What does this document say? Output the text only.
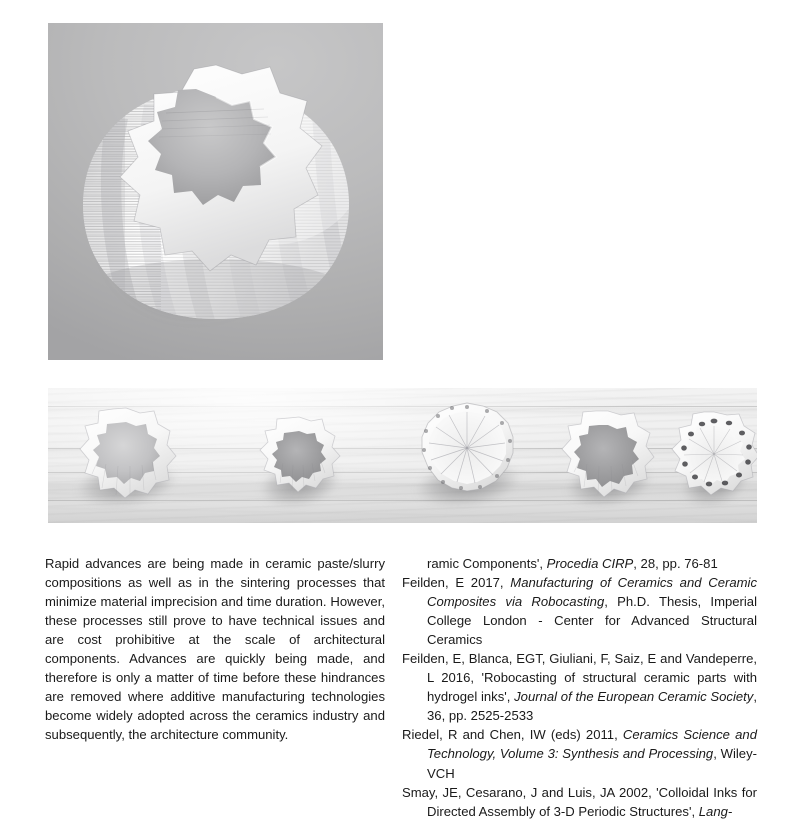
Rapid advances are being made in ceramic paste/slurry compositions as well as in the sintering processes that minimize material imprecision and time duration. However, these processes still prove to have technical issues and are cost prohibitive at the scale of architectural components. Advances are quickly being made, and therefore is only a matter of time before these hindrances are removed where additive manufacturing technologies become widely adopted across the ceramics industry and subsequently, the architecture community.

ramic Components', Procedia CIRP, 28, pp. 76-81

Feilden, E 2017, Manufacturing of Ceramics and Ceramic Composites via Robocasting, Ph.D. Thesis, Imperial College London - Center for Advanced Structural Ceramics

Feilden, E, Blanca, EGT, Giuliani, F, Saiz, E and Vandeperre, L 2016, 'Robocasting of structural ceramic parts with hydrogel inks', Journal of the European Ceramic Society, 36, pp. 2525-2533

Riedel, R and Chen, IW (eds) 2011, Ceramics Science and Technology, Volume 3: Synthesis and Processing, Wiley-VCH

Smay, JE, Cesarano, J and Luis, JA 2002, 'Colloidal Inks for Directed Assembly of 3-D Periodic Structures', Lang-
